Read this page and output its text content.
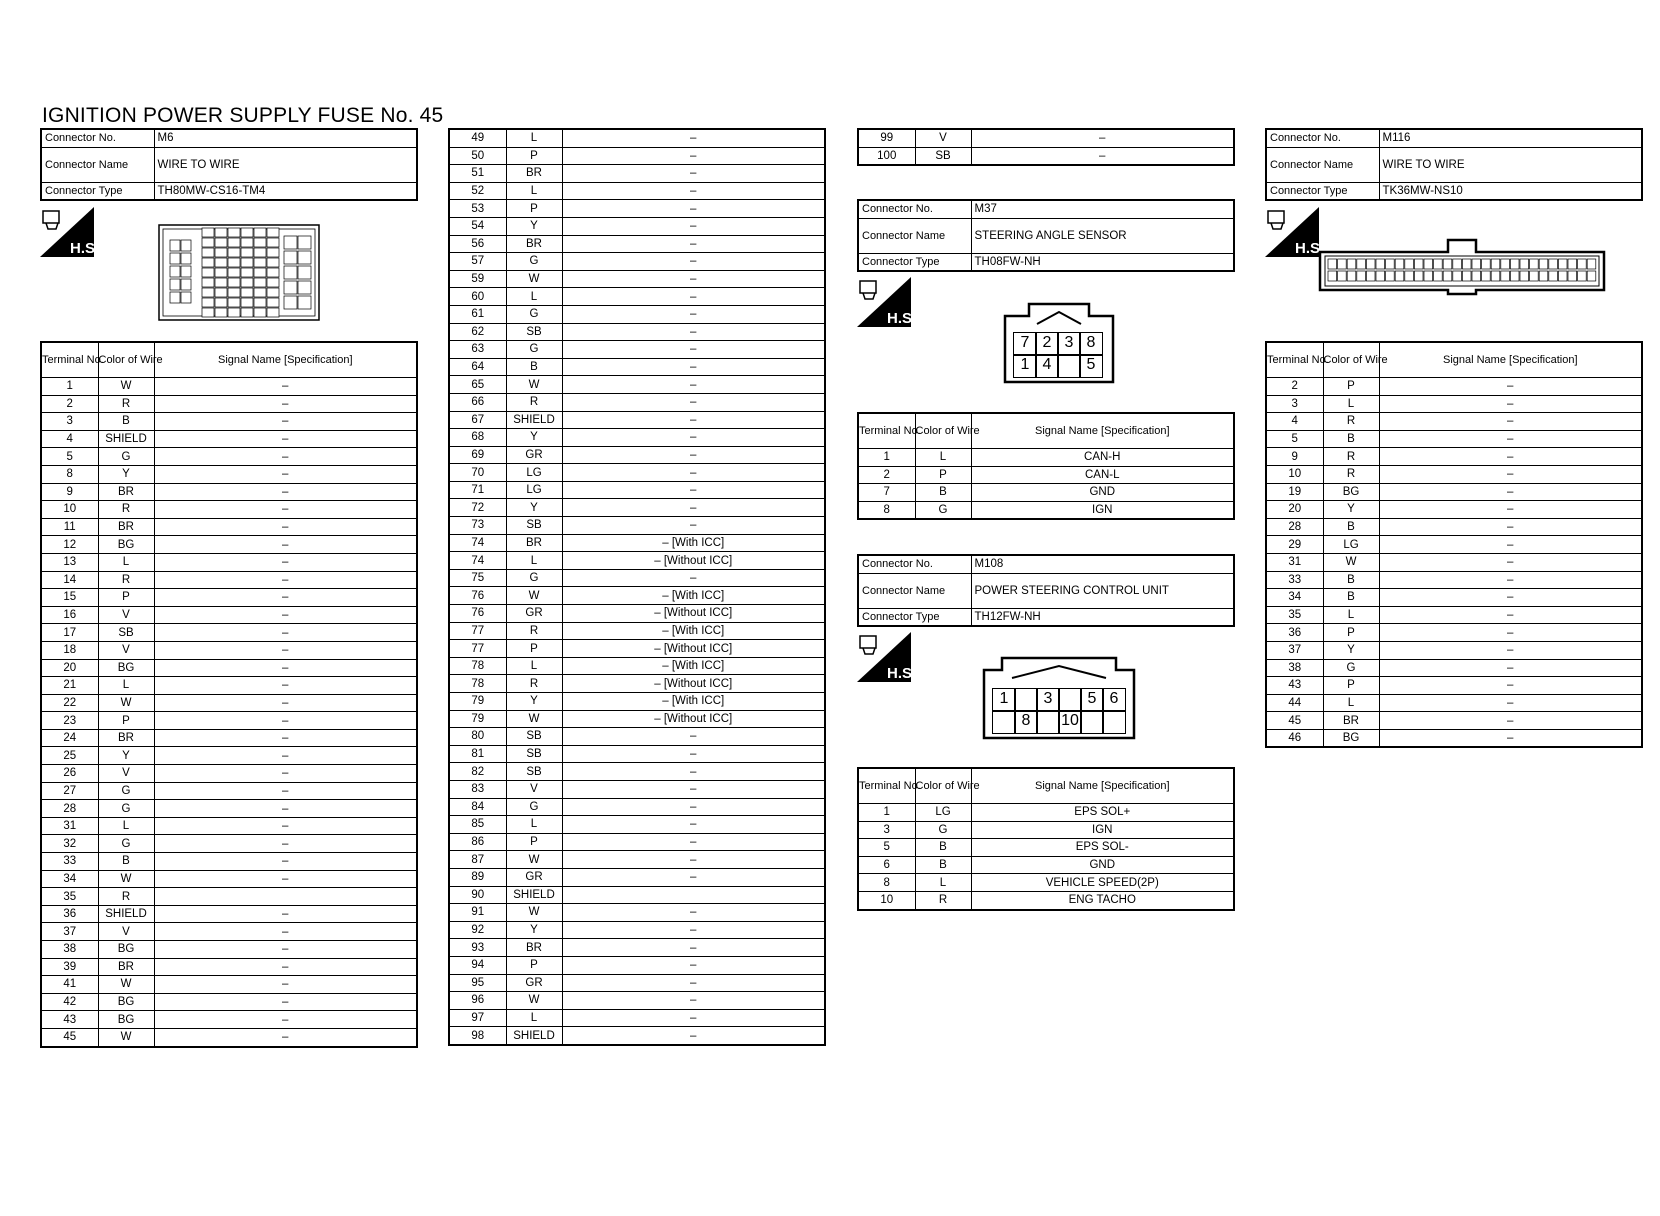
IGNITION POWER SUPPLY FUSE No. 45
Connector No.	M6
Connector Name	WIRE TO WIRE
Connector Type	TH80MW-CS16-TM4
H.S.
Terminal No.	Color of Wire	Signal Name [Specification]
1	W	–
2	R	–
3	B	–
4	SHIELD	–
5	G	–
8	Y	–
9	BR	–
10	R	–
11	BR	–
12	BG	–
13	L	–
14	R	–
15	P	–
16	V	–
17	SB	–
18	V	–
20	BG	–
21	L	–
22	W	–
23	P	–
24	BR	–
25	Y	–
26	V	–
27	G	–
28	G	–
31	L	–
32	G	–
33	B	–
34	W	–
35	R	
36	SHIELD	–
37	V	–
38	BG	–
39	BR	–
41	W	–
42	BG	–
43	BG	–
45	W	–
49	L	–
50	P	–
51	BR	–
52	L	–
53	P	–
54	Y	–
56	BR	–
57	G	–
59	W	–
60	L	–
61	G	–
62	SB	–
63	G	–
64	B	–
65	W	–
66	R	–
67	SHIELD	–
68	Y	–
69	GR	–
70	LG	–
71	LG	–
72	Y	–
73	SB	–
74	BR	– [With ICC]
74	L	– [Without ICC]
75	G	–
76	W	– [With ICC]
76	GR	– [Without ICC]
77	R	– [With ICC]
77	P	– [Without ICC]
78	L	– [With ICC]
78	R	– [Without ICC]
79	Y	– [With ICC]
79	W	– [Without ICC]
80	SB	–
81	SB	–
82	SB	–
83	V	–
84	G	–
85	L	–
86	P	–
87	W	–
89	GR	–
90	SHIELD	
91	W	–
92	Y	–
93	BR	–
94	P	–
95	GR	–
96	W	–
97	L	–
98	SHIELD	–
99	V	–
100	SB	–
Connector No.	M37
Connector Name	STEERING ANGLE SENSOR
Connector Type	TH08FW-NH
H.S.
7 2 3 8
1 4	5
Terminal No.	Color of Wire	Signal Name [Specification]
1	L	CAN-H
2	P	CAN-L
7	B	GND
8	G	IGN
Connector No.	M108
Connector Name	POWER STEERING CONTROL UNIT
Connector Type	TH12FW-NH
H.S.
1	3	5 6
8	10
Terminal No.	Color of Wire	Signal Name [Specification]
1	LG	EPS SOL+
3	G	IGN
5	B	EPS SOL-
6	B	GND
8	L	VEHICLE SPEED(2P)
10	R	ENG TACHO
Connector No.	M116
Connector Name	WIRE TO WIRE
Connector Type	TK36MW-NS10
H.S.
Terminal No.	Color of Wire	Signal Name [Specification]
2	P	–
3	L	–
4	R	–
5	B	–
9	R	–
10	R	–
19	BG	–
20	Y	–
28	B	–
29	LG	–
31	W	–
33	B	–
34	B	–
35	L	–
36	P	–
37	Y	–
38	G	–
43	P	–
44	L	–
45	BR	–
46	BG	–
